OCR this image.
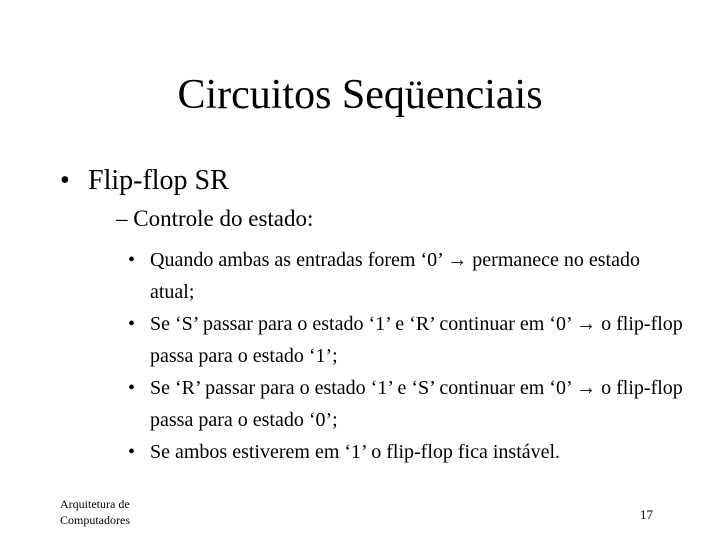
Circuitos Seqüenciais
• Flip-flop SR
– Controle do estado:
• Quando ambas as entradas forem ‘0’ → permanece no estado atual;
• Se ‘S’ passar para o estado ‘1’ e ‘R’ continuar em ‘0’ → o flip-flop passa para o estado ‘1’;
• Se ‘R’ passar para o estado ‘1’ e ‘S’ continuar em ‘0’ → o flip-flop passa para o estado ‘0’;
• Se ambos estiverem em ‘1’ o flip-flop fica instável.
Arquitetura de
Computadores	17
